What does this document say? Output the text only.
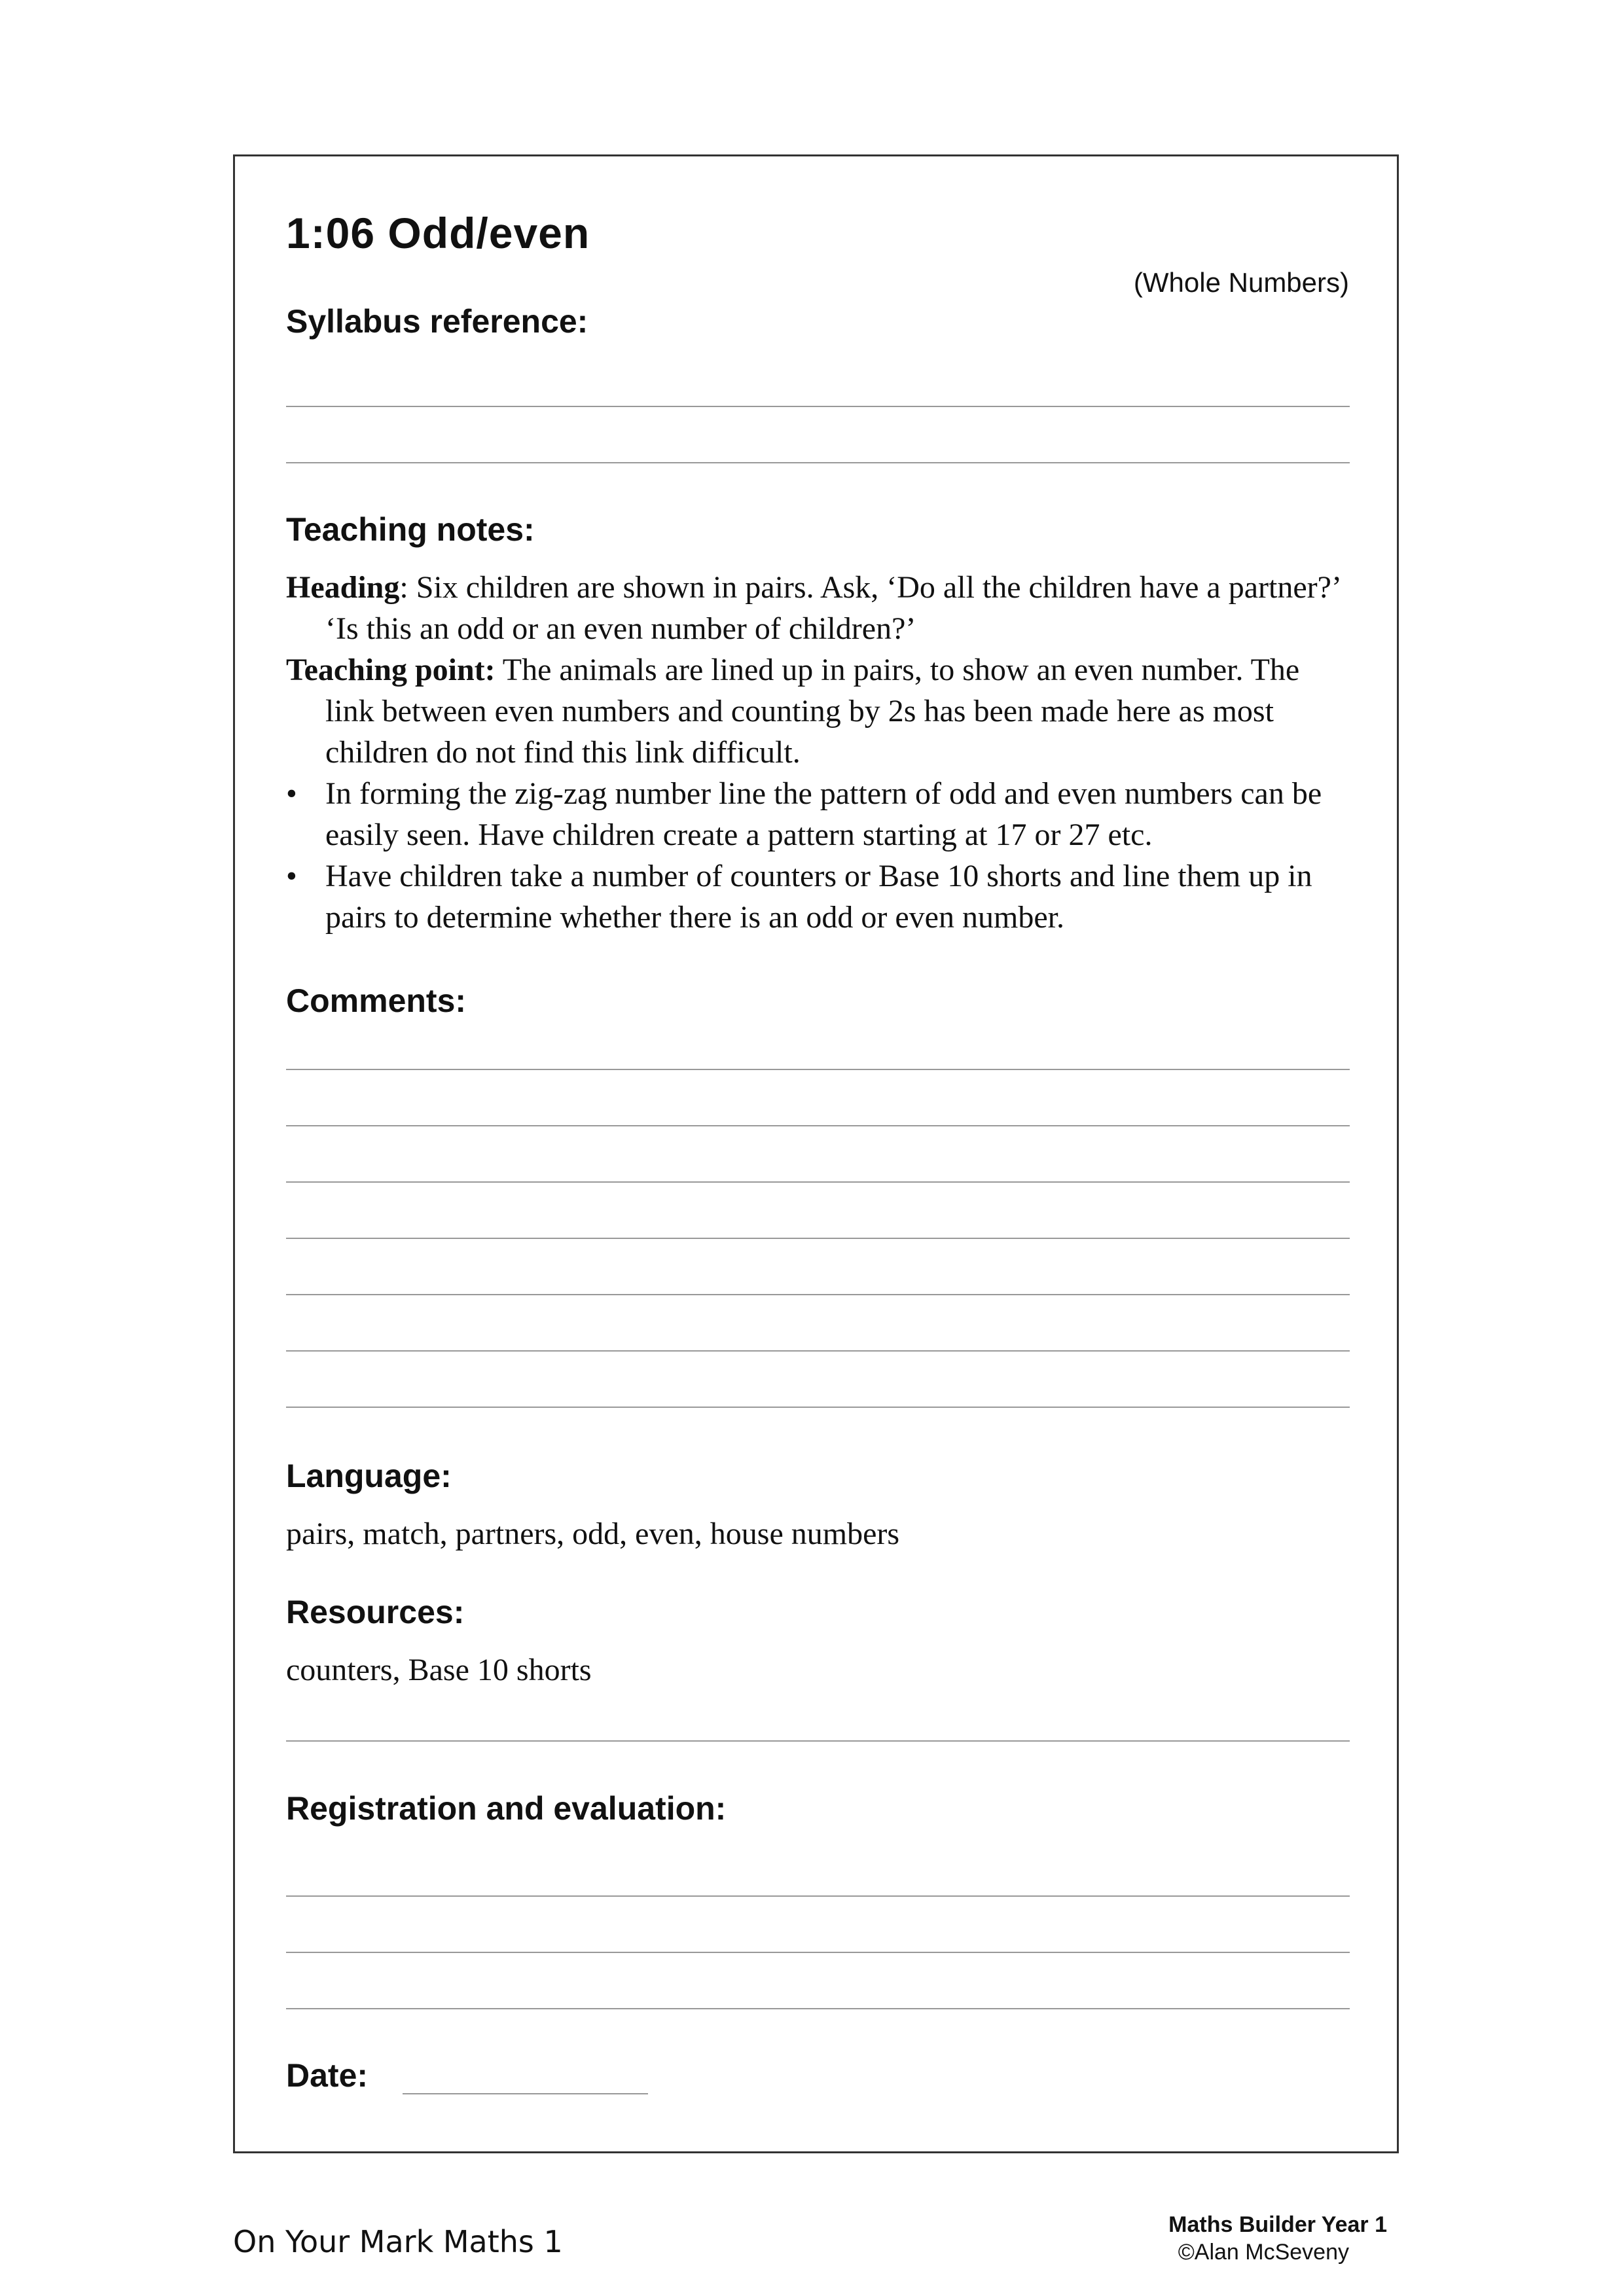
1:06 Odd/even
(Whole Numbers)
Syllabus reference:
Teaching notes:

Heading: Six children are shown in pairs. Ask, ‘Do all the children have a partner?’ ‘Is this an odd or an even number of children?’

Teaching point: The animals are lined up in pairs, to show an even number. The link between even numbers and counting by 2s has been made here as most children do not find this link difficult.

• In forming the zig-zag number line the pattern of odd and even numbers can be easily seen. Have children create a pattern starting at 17 or 27 etc.

• Have children take a number of counters or Base 10 shorts and line them up in pairs to determine whether there is an odd or even number.

Comments:
Language:
pairs, match, partners, odd, even, house numbers
Resources:
counters, Base 10 shorts
Registration and evaluation:
Date:
On Your Mark Maths 1	Maths Builder Year 1
©Alan McSeveny
